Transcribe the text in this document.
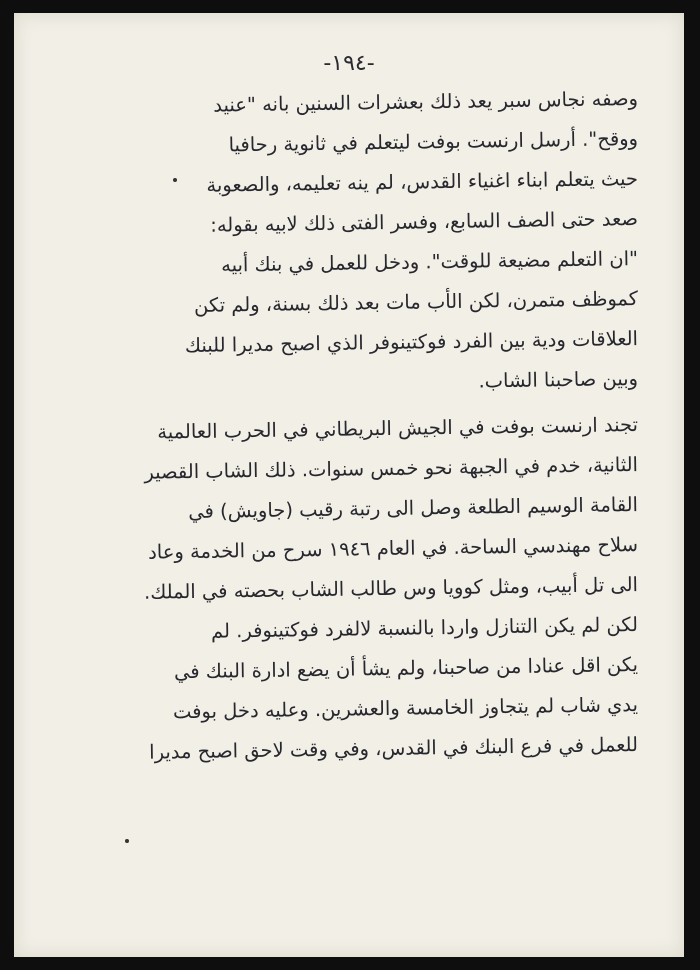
-١٩٤-
وصفه نجاس سبر يعد ذلك بعشرات السنين بانه "عنيد
ووقح". أرسل ارنست بوفت ليتعلم في ثانوية رحافيا
حيث يتعلم ابناء اغنياء القدس، لم ينه تعليمه، والصعوبة
صعد حتى الصف السابع، وفسر الفتى ذلك لابيه بقوله:
"ان التعلم مضيعة للوقت". ودخل للعمل في بنك أبيه
كموظف متمرن، لكن الأب مات بعد ذلك بسنة، ولم تكن
العلاقات ودية بين الفرد فوكتينوفر الذي اصبح مديرا للبنك
وبين صاحبنا الشاب.
تجند ارنست بوفت في الجيش البريطاني في الحرب العالمية
الثانية، خدم في الجبهة نحو خمس سنوات. ذلك الشاب القصير
القامة الوسيم الطلعة وصل الى رتبة رقيب (جاويش) في
سلاح مهندسي الساحة. في العام ١٩٤٦ سرح من الخدمة وعاد
الى تل أبيب، ومثل كوويا وس طالب الشاب بحصته في الملك.
لكن لم يكن التنازل واردا بالنسبة لالفرد فوكتينوفر. لم
يكن اقل عنادا من صاحبنا، ولم يشأ أن يضع ادارة البنك في
يدي شاب لم يتجاوز الخامسة والعشرين. وعليه دخل بوفت
للعمل في فرع البنك في القدس، وفي وقت لاحق اصبح مديرا
